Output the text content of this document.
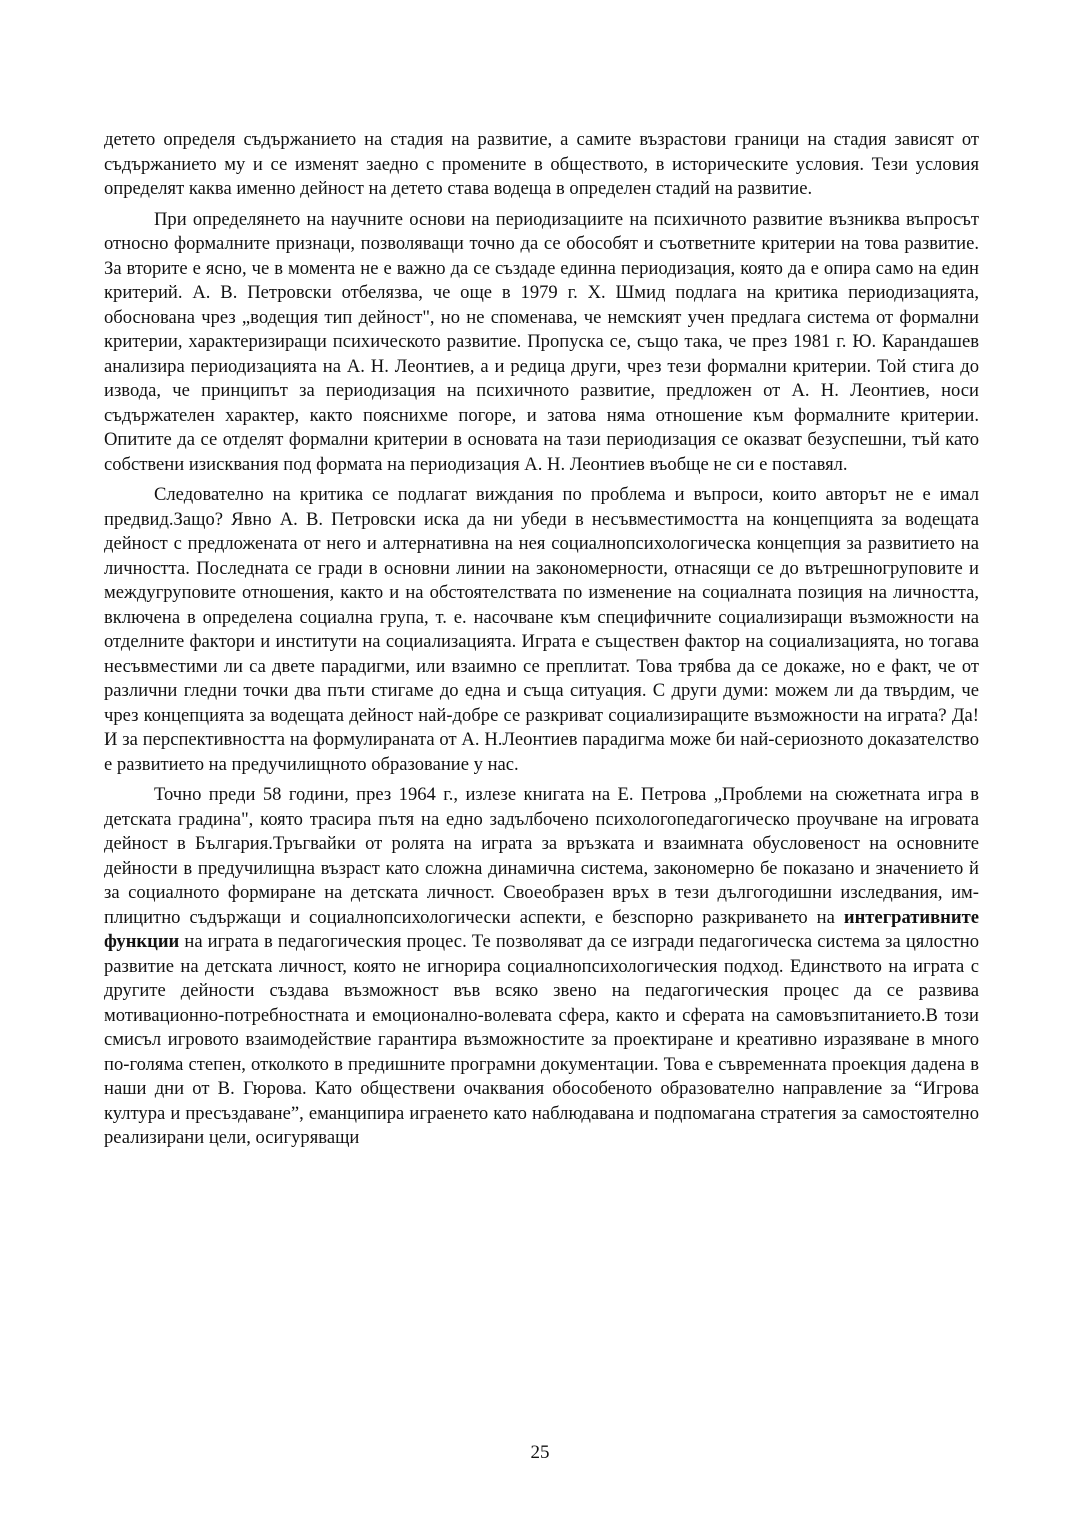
детето определя съдържанието на стадия на развитие, а самите възрастови граници на стадия зависят от съдържанието му и се изменят заедно с промените в обществото, в историческите условия. Тези условия определят каква именно дейност на детето става водеща в определен стадий на развитие.

При определянето на научните основи на периодизациите на психичното развитие възниква въпросът относно формалните признаци, позволяващи точно да се обособят и съответните критерии на това развитие. За вторите е ясно, че в момента не е важно да се създаде единна периодизация, която да е опира само на един критерий. А. В. Петровски отбелязва, че още в 1979 г. Х. Шмид подлага на критика периодизацията, обоснована чрез „водещия тип дейност", но не споменава, че немският учен предлага система от формални критерии, характеризиращи психическото развитие. Пропуска се, също така, че през 1981 г. Ю. Карандашев анализира периодизацията на А. Н. Леонтиев, а и редица други, чрез тези формални критерии. Той стига до извода, че принципът за периодизация на психичното развитие, предложен от А. Н. Леонтиев, носи съдържателен характер, както пояснихме погоре, и затова няма отношение към формалните критерии. Опитите да се отделят формални критерии в основата на тази периодизация се оказват безуспешни, тъй като собствени изисквания под формата на периодизация А. Н. Леонтиев въобще не си е поставял.

Следователно на критика се подлагат виждания по проблема и въпроси, които авторът не е имал предвид.Защо? Явно А. В. Петровски иска да ни убеди в несъвместимостта на концепцията за водещата дейност с предложената от него и алтернативна на нея социалнопсихологическа концепция за развитието на личността. Последната се гради в основни линии на закономерности, отнасящи се до вътрешногруповите и междугруповите отношения, както и на обстоятелствата по изменение на социалната позиция на личността, включена в определена социална група, т. е. насочване към специфичните социализиращи възможности на отделните фактори и институти на социализацията. Играта е съществен фактор на социализацията, но тогава несъвместими ли са двете парадигми, или взаимно се преплитат. Това трябва да се докаже, но е факт, че от различни гледни точки два пъти стигаме до една и съща ситуация. С други думи: можем ли да твърдим, че чрез концепцията за водещата дейност най-добре се разкриват социализиращите възможности на играта? Да! И за перспективността на формулираната от А. Н.Леонтиев парадигма може би най-сериозното доказателство е развитието на предучилищното образование у нас.

Точно преди 58 години, през 1964 г., излезе книгата на Е. Петрова „Проблеми на сюжетната игра в детската градина", която трасира пътя на едно задълбочено психологопедагогическо проучване на игровата дейност в България.Тръгвайки от ролята на играта за връзката и взаимната обусловеност на основните дейности в предучилищна възраст като сложна динамична система, закономерно бе показано и значението й за социалното формиране на детската личност. Своеобразен връх в тези дългогодишни изследвания, имплицитно съдържащи и социалнопсихологически аспекти, е безспорно разкриването на интегративните функции на играта в педагогическия процес. Те позволяват да се изгради педагогическа система за цялостно развитие на детската личност, която не игнорира социалнопсихологическия подход. Единството на играта с другите дейности създава възможност във всяко звено на педагогическия процес да се развива мотивационно-потребностната и емоционално-волевата сфера, както и сферата на самовъзпитанието.В този смисъл игровото взаимодействие гарантира възможностите за проектиране и креативно изразяване в много по-голяма степен, отколкото в предишните програмни документации. Това е съвременната проекция дадена в наши дни от В. Гюрова. Като обществени очаквания обособеното образователно направление за “Игрова култура и пресъздаване”, еманципира играенето като наблюдавана и подпомагана стратегия за самостоятелно реализирани цели, осигуряващи

25
